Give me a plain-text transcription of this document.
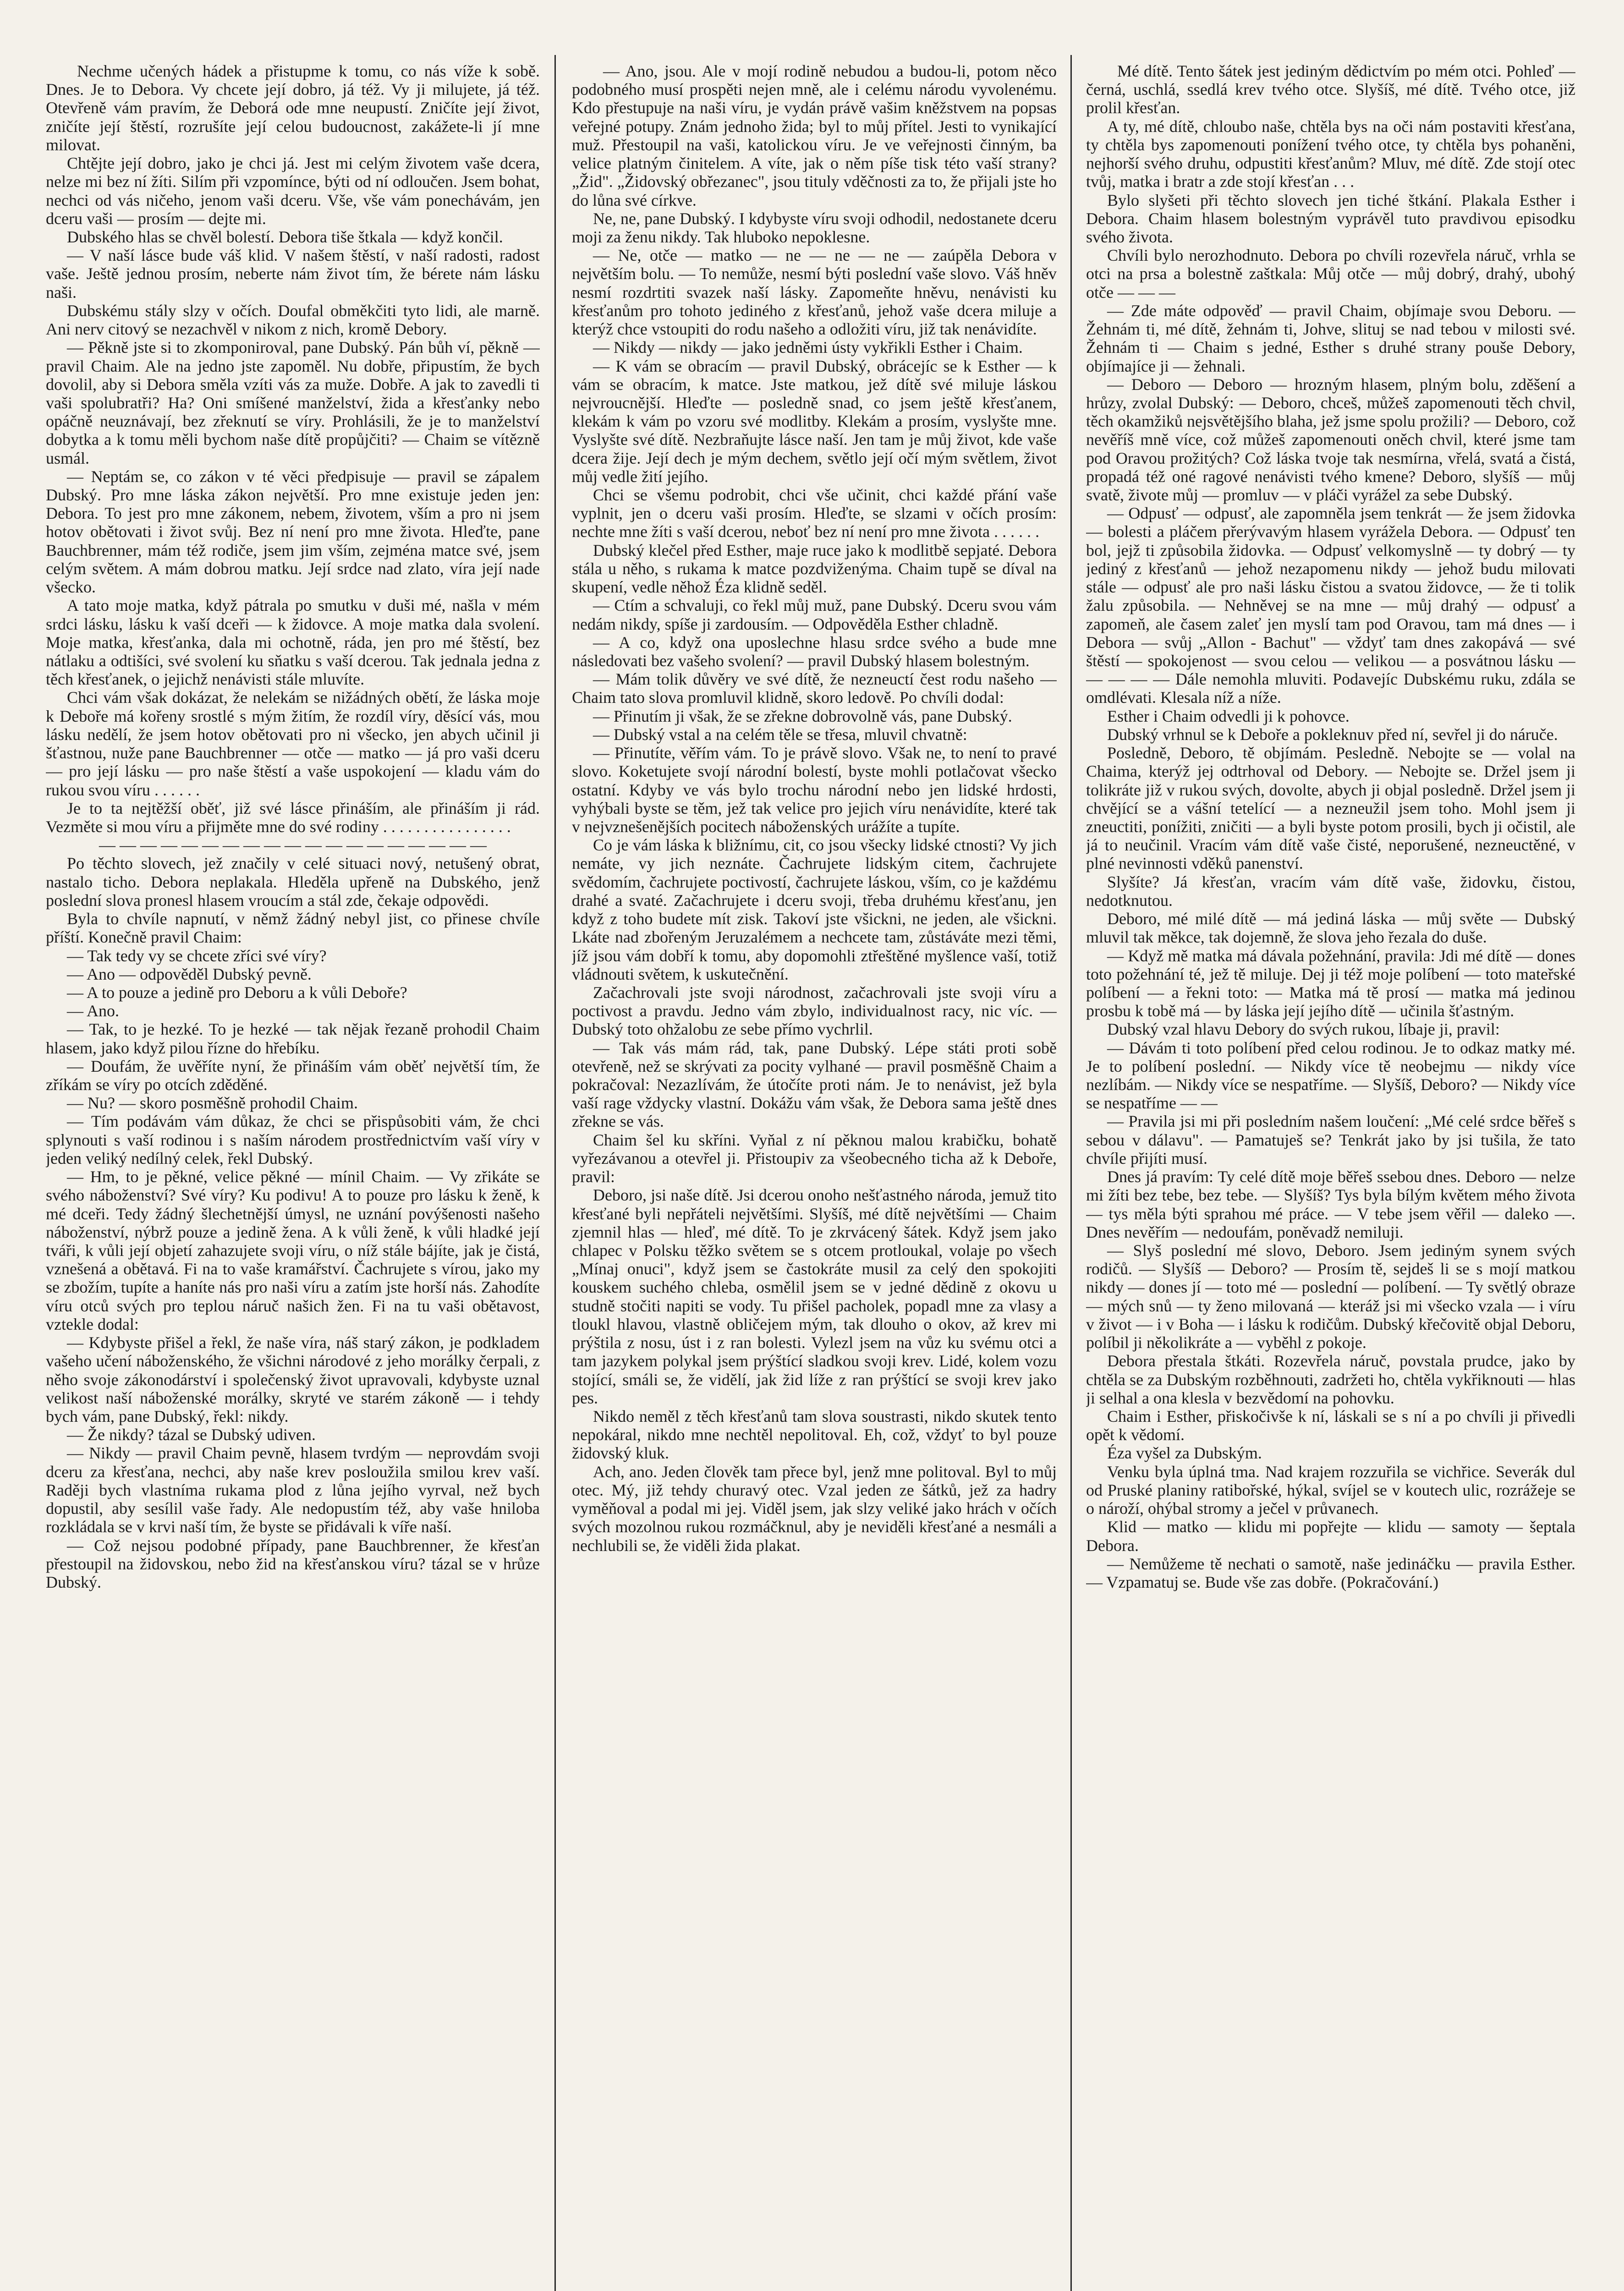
Nechme učených hádek a přistupme k tomu, co nás víže k sobě. Dnes. Je to Debora. Vy chcete její dobro, já též. Vy ji milujete, já též. Otevřeně vám pravím, že Deborá ode mne neupustí. Zničíte její život, zničíte její štěstí, rozrušíte její celou budoucnost, zakážete-li jí mne milovat.

Chtějte její dobro, jako je chci já. Jest mi celým životem vaše dcera, nelze mi bez ní žíti. Silím při vzpomínce, býti od ní odloučen. Jsem bohat, nechci od vás ničeho, jenom vaši dceru. Vše, vše vám ponechávám, jen dceru vaši — prosím — dejte mi.

Dubského hlas se chvěl bolestí. Debora tiše štkala — když končil.

— V naší lásce bude váš klid. V našem štěstí, v naší radosti, radost vaše. Ještě jednou prosím, neberte nám život tím, že bérete nám lásku naši.

Dubskému stály slzy v očích. Doufal obměkčiti tyto lidi, ale marně. Ani nerv citový se nezachvěl v nikom z nich, kromě Debory.

— Pěkně jste si to zkomponiroval, pane Dubský. Pán bůh ví, pěkně — pravil Chaim. Ale na jedno jste zapoměl. Nu dobře, připustím, že bych dovolil, aby si Debora směla vzíti vás za muže. Dobře. A jak to zavedli ti vaši spolubratři? Ha? Oni smíšené manželství, žida a křesťanky nebo opáčně neuznávají, bez zřeknutí se víry. Prohlásili, že je to manželství dobytka a k tomu měli bychom naše dítě propůjčiti? — Chaim se vítězně usmál.

— Neptám se, co zákon v té věci předpisuje — pravil se zápalem Dubský. Pro mne láska zákon největší. Pro mne existuje jeden jen: Debora. To jest pro mne zákonem, nebem, životem, vším a pro ni jsem hotov obětovati i život svůj. Bez ní není pro mne života. Hleďte, pane Bauchbrenner, mám též rodiče, jsem jim vším, zejména matce své, jsem celým světem. A mám dobrou matku. Její srdce nad zlato, víra její nade všecko.

A tato moje matka, když pátrala po smutku v duši mé, našla v mém srdci lásku, lásku k vaší dceři — k židovce. A moje matka dala svolení. Moje matka, křesťanka, dala mi ochotně, ráda, jen pro mé štěstí, bez nátlaku a odtišíci, své svolení ku sňatku s vaší dcerou. Tak jednala jedna z těch křesťanek, o jejichž nenávisti stále mluvíte.

Chci vám však dokázat, že nelekám se nižádných obětí, že láska moje k Deboře má kořeny srostlé s mým žitím, že rozdíl víry, děsící vás, mou lásku nedělí, že jsem hotov obětovati pro ni všecko, jen abych učinil ji šťastnou, nuže pane Bauchbrenner — otče — matko — já pro vaši dceru — pro její lásku — pro naše štěstí a vaše uspokojení — kladu vám do rukou svou víru . . . . . .

Je to ta nejtěžší oběť, již své lásce přináším, ale přináším ji rád. Vezměte si mou víru a přijměte mne do své rodiny . . . . . . . . . . . . . . . .

— — — — — — — — — — — — — — — — — — —

Po těchto slovech, jež značily v celé situaci nový, netušený obrat, nastalo ticho. Debora neplakala. Hleděla upřeně na Dubského, jenž poslední slova pronesl hlasem vroucím a stál zde, čekaje odpovědi.

Byla to chvíle napnutí, v němž žádný nebyl jist, co přinese chvíle příští. Konečně pravil Chaim:

— Tak tedy vy se chcete zříci své víry?

— Ano — odpověděl Dubský pevně.

— A to pouze a jedině pro Deboru a k vůli Deboře?

— Ano.

— Tak, to je hezké. To je hezké — tak nějak řezaně prohodil Chaim hlasem, jako když pilou řízne do hřebíku.

— Doufám, že uvěříte nyní, že přináším vám oběť největší tím, že zříkám se víry po otcích zděděné.

— Nu? — skoro posměšně prohodil Chaim.

— Tím podávám vám důkaz, že chci se přispůsobiti vám, že chci splynouti s vaší rodinou i s naším národem prostřednictvím vaší víry v jeden veliký nedílný celek, řekl Dubský.

— Hm, to je pěkné, velice pěkné — mínil Chaim. — Vy zřikáte se svého náboženství? Své víry? Ku podivu! A to pouze pro lásku k ženě, k mé dceři. Tedy žádný šlechetnější úmysl, ne uznání povýšenosti našeho náboženství, nýbrž pouze a jedině žena. A k vůli ženě, k vůli hladké její tváři, k vůli její objetí zahazujete svoji víru, o níž stále bájíte, jak je čistá, vznešená a obětavá. Fi na to vaše kramářství. Čachrujete s vírou, jako my se zbožím, tupíte a haníte nás pro naši víru a zatím jste horší nás. Zahodíte víru otců svých pro teplou náruč našich žen. Fi na tu vaši obětavost, vztekle dodal:

— Kdybyste přišel a řekl, že naše víra, náš starý zákon, je podkladem vašeho učení náboženského, že všichni národové z jeho morálky čerpali, z něho svoje zákonodárství i společenský život upravovali, kdybyste uznal velikost naší náboženské morálky, skryté ve starém zákoně — i tehdy bych vám, pane Dubský, řekl: nikdy.

— Že nikdy? tázal se Dubský udiven.

— Nikdy — pravil Chaim pevně, hlasem tvrdým — neprovdám svoji dceru za křesťana, nechci, aby naše krev posloužila smilou krev vaší. Raději bych vlastníma rukama plod z lůna jejího vyrval, než bych dopustil, aby sesílil vaše řady. Ale nedopustím též, aby vaše hniloba rozkládala se v krvi naší tím, že byste se přidávali k víře naší.

— Což nejsou podobné případy, pane Bauchbrenner, že křesťan přestoupil na židovskou, nebo žid na křesťanskou víru? tázal se v hrůze Dubský.

— Ano, jsou. Ale v mojí rodině nebudou a budou-li, potom něco podobného musí prospěti nejen mně, ale i celému národu vyvolenému. Kdo přestupuje na naši víru, je vydán právě vašim kněžstvem na popsas veřejné potupy. Znám jednoho žida; byl to můj přítel. Jesti to vynikající muž. Přestoupil na vaši, katolickou víru. Je ve veřejnosti činným, ba velice platným činitelem. A víte, jak o něm píše tisk této vaší strany? „Žid". „Židovský obřezanec", jsou tituly vděčnosti za to, že přijali jste ho do lůna své církve.

Ne, ne, pane Dubský. I kdybyste víru svoji odhodil, nedostanete dceru moji za ženu nikdy. Tak hluboko nepoklesne.

— Ne, otče — matko — ne — ne — ne — zaúpěla Debora v největším bolu. — To nemůže, nesmí býti poslední vaše slovo. Váš hněv nesmí rozdrtiti svazek naší lásky. Zapomeňte hněvu, nenávisti ku křesťanům pro tohoto jediného z křesťanů, jehož vaše dcera miluje a kterýž chce vstoupiti do rodu našeho a odložiti víru, již tak nenávidíte.

— Nikdy — nikdy — jako jedněmi ústy vykřikli Esther i Chaim.

— K vám se obracím — pravil Dubský, obrácejíc se k Esther — k vám se obracím, k matce. Jste matkou, jež dítě své miluje láskou nejvroucnější. Hleďte — posledně snad, co jsem ještě křesťanem, klekám k vám po vzoru své modlitby. Klekám a prosím, vyslyšte mne. Vyslyšte své dítě. Nezbraňujte lásce naší. Jen tam je můj život, kde vaše dcera žije. Její dech je mým dechem, světlo její očí mým světlem, život můj vedle žití jejího.

Chci se všemu podrobit, chci vše učinit, chci každé přání vaše vyplnit, jen o dceru vaši prosím. Hleďte, se slzami v očích prosím: nechte mne žíti s vaší dcerou, neboť bez ní není pro mne života . . . . . .

Dubský klečel před Esther, maje ruce jako k modlitbě sepjaté. Debora stála u něho, s rukama k matce pozdviženýma. Chaim tupě se díval na skupení, vedle něhož Éza klidně seděl.

— Ctím a schvaluji, co řekl můj muž, pane Dubský. Dceru svou vám nedám nikdy, spíše ji zardousím. — Odpověděla Esther chladně.

— A co, když ona uposlechne hlasu srdce svého a bude mne následovati bez vašeho svolení? — pravil Dubský hlasem bolestným.

— Mám tolik důvěry ve své dítě, že nezneuctí čest rodu našeho — Chaim tato slova promluvil klidně, skoro ledově. Po chvíli dodal:

— Přinutím ji však, že se zřekne dobrovolně vás, pane Dubský.

— Dubský vstal a na celém těle se třesa, mluvil chvatně:

— Přinutíte, věřím vám. To je právě slovo. Však ne, to není to pravé slovo. Koketujete svojí národní bolestí, byste mohli potlačovat všecko ostatní. Kdyby ve vás bylo trochu národní nebo jen lidské hrdosti, vyhýbali byste se těm, jež tak velice pro jejich víru nenávidíte, které tak v nejvznešenějších pocitech náboženských urážíte a tupíte.

Co je vám láska k bližnímu, cit, co jsou všecky lidské ctnosti? Vy jich nemáte, vy jich neznáte. Čachrujete lidským citem, čachrujete svědomím, čachrujete poctivostí, čachrujete láskou, vším, co je každému drahé a svaté. Začachrujete i dceru svoji, třeba druhému křesťanu, jen když z toho budete mít zisk. Takoví jste všickni, ne jeden, ale všickni. Lkáte nad zbořeným Jeruzalémem a nechcete tam, zůstáváte mezi těmi, jíž jsou vám dobří k tomu, aby dopomohli ztřeštěné myšlence vaší, totiž vládnouti světem, k uskutečnění.

Začachrovali jste svoji národnost, začachrovali jste svoji víru a poctivost a pravdu. Jedno vám zbylo, individualnost racy, nic víc. — Dubský toto ohžalobu ze sebe přímo vychrlil.

— Tak vás mám rád, tak, pane Dubský. Lépe státi proti sobě otevřeně, než se skrývati za pocity vylhané — pravil posměšně Chaim a pokračoval: Nezazlívám, že útočíte proti nám. Je to nenávist, jež byla vaší rage vždycky vlastní. Dokážu vám však, že Debora sama ještě dnes zřekne se vás.

Chaim šel ku skříni. Vyňal z ní pěknou malou krabičku, bohatě vyřezávanou a otevřel ji. Přistoupiv za všeobecného ticha až k Deboře, pravil:

Deboro, jsi naše dítě. Jsi dcerou onoho nešťastného národa, jemuž tito křesťané byli nepřáteli největšími. Slyšíš, mé dítě největšími — Chaim zjemnil hlas — hleď, mé dítě. To je zkrvácený šátek. Když jsem jako chlapec v Polsku těžko světem se s otcem protloukal, volaje po všech „Mínaj onuci", když jsem se častokráte musil za celý den spokojiti kouskem suchého chleba, osmělil jsem se v jedné dědině z okovu u studně stočiti napiti se vody. Tu přišel pacholek, popadl mne za vlasy a tloukl hlavou, vlastně obličejem mým, tak dlouho o okov, až krev mi prýštila z nosu, úst i z ran bolesti. Vylezl jsem na vůz ku svému otci a tam jazykem polykal jsem prýštící sladkou svoji krev. Lidé, kolem vozu stojící, smáli se, že vidělí, jak žid líže z ran prýštící se svoji krev jako pes.

Nikdo neměl z těch křesťanů tam slova soustrasti, nikdo skutek tento nepokáral, nikdo mne nechtěl nepolitoval. Eh, což, vždyť to byl pouze židovský kluk.

Ach, ano. Jeden člověk tam přece byl, jenž mne politoval. Byl to můj otec. Mý, již tehdy churavý otec. Vzal jeden ze šátků, jež za hadry vyměňoval a podal mi jej. Viděl jsem, jak slzy veliké jako hrách v očích svých mozolnou rukou rozmáčknul, aby je neviděli křesťané a nesmáli a nechlubili se, že viděli žida plakat.

Mé dítě. Tento šátek jest jediným dědictvím po mém otci. Pohleď — černá, uschlá, ssedlá krev tvého otce. Slyšíš, mé dítě. Tvého otce, již prolil křesťan.

A ty, mé dítě, chloubo naše, chtěla bys na oči nám postaviti křesťana, ty chtěla bys zapomenouti ponížení tvého otce, ty chtěla bys pohaněni, nejhorší svého druhu, odpustiti křesťanům? Mluv, mé dítě. Zde stojí otec tvůj, matka i bratr a zde stojí křesťan . . .

Bylo slyšeti při těchto slovech jen tiché štkání. Plakala Esther i Debora. Chaim hlasem bolestným vyprávěl tuto pravdivou episodku svého života.

Chvíli bylo nerozhodnuto. Debora po chvíli rozevřela náruč, vrhla se otci na prsa a bolestně zaštkala: Můj otče — můj dobrý, drahý, ubohý otče — — —

— Zde máte odpověď — pravil Chaim, objímaje svou Deboru. — Žehnám ti, mé dítě, žehnám ti, Johve, slituj se nad tebou v milosti své. Žehnám ti — Chaim s jedné, Esther s druhé strany pouše Debory, objímajíce ji — žehnali.

— Deboro — Deboro — hrozným hlasem, plným bolu, zděšení a hrůzy, zvolal Dubský: — Deboro, chceš, můžeš zapomenouti těch chvil, těch okamžiků nejsvětějšího blaha, jež jsme spolu prožili? — Deboro, což nevěříš mně více, což můžeš zapomenouti oněch chvil, které jsme tam pod Oravou prožitých? Což láska tvoje tak nesmírna, vřelá, svatá a čistá, propadá též oné ragové nenávisti tvého kmene? Deboro, slyšíš — můj svatě, živote můj — promluv — v pláči vyrážel za sebe Dubský.

— Odpusť — odpusť, ale zapomněla jsem tenkrát — že jsem židovka — bolesti a pláčem přerývavým hlasem vyrážela Debora. — Odpusť ten bol, jejž ti způsobila židovka. — Odpusť velkomyslně — ty dobrý — ty jediný z křesťanů — jehož nezapomenu nikdy — jehož budu milovati stále — odpusť ale pro naši lásku čistou a svatou židovce, — že ti tolik žalu způsobila. — Nehněvej se na mne — můj drahý — odpusť a zapomeň, ale časem zaleť jen myslí tam pod Oravou, tam má dnes — i Debora — svůj „Allon - Bachut" — vždyť tam dnes zakopává — své štěstí — spokojenost — svou celou — velikou — a posvátnou lásku — — — — — Dále nemohla mluviti. Podavejíc Dubskému ruku, zdála se omdlévati. Klesala níž a níže.

Esther i Chaim odvedli ji k pohovce.

Dubský vrhnul se k Deboře a pokleknuv před ní, sevřel ji do náruče.

Posledně, Deboro, tě objímám. Pesledně. Nebojte se — volal na Chaima, kterýž jej odtrhoval od Debory. — Nebojte se. Držel jsem ji tolikráte již v rukou svých, dovolte, abych ji objal posledně. Držel jsem ji chvějící se a vášní tetelící — a nezneužil jsem toho. Mohl jsem ji zneuctiti, ponížiti, zničiti — a byli byste potom prosili, bych ji očistil, ale já to neučinil. Vracím vám dítě vaše čisté, neporušené, nezneuctěné, v plné nevinnosti vděků panenství.

Slyšíte? Já křesťan, vracím vám dítě vaše, židovku, čistou, nedotknutou.

Deboro, mé milé dítě — má jediná láska — můj světe — Dubský mluvil tak měkce, tak dojemně, že slova jeho řezala do duše.

— Když mě matka má dávala požehnání, pravila: Jdi mé dítě — dones toto požehnání té, jež tě miluje. Dej ji též moje políbení — toto mateřské políbení — a řekni toto: — Matka má tě prosí — matka má jedinou prosbu k tobě má — by láska její jejího dítě — učinila šťastným.

Dubský vzal hlavu Debory do svých rukou, líbaje ji, pravil:

— Dávám ti toto políbení před celou rodinou. Je to odkaz matky mé. Je to políbení poslední. — Nikdy více tě neobejmu — nikdy více nezlíbám. — Nikdy více se nespatříme. — Slyšíš, Deboro? — Nikdy více se nespatříme — —

— Pravila jsi mi při posledním našem loučení: „Mé celé srdce běřeš s sebou v dálavu". — Pamatuješ se? Tenkrát jako by jsi tušila, že tato chvíle přijíti musí.

Dnes já pravím: Ty celé dítě moje běřeš ssebou dnes. Deboro — nelze mi žíti bez tebe, bez tebe. — Slyšíš? Tys byla bílým květem mého života — tys měla býti sprahou mé práce. — V tebe jsem věřil — daleko —. Dnes nevěřím — nedoufám, poněvadž nemiluji.

— Slyš poslední mé slovo, Deboro. Jsem jediným synem svých rodičů. — Slyšíš — Deboro? — Prosím tě, sejdeš li se s mojí matkou nikdy — dones jí — toto mé — poslední — políbení. — Ty světlý obraze — mých snů — ty ženo milovaná — kteráž jsi mi všecko vzala — i víru v život — i v Boha — i lásku k rodičům. Dubský křečovitě objal Deboru, políbil ji několikráte a — vyběhl z pokoje.

Debora přestala štkáti. Rozevřela náruč, povstala prudce, jako by chtěla se za Dubským rozběhnouti, zadržeti ho, chtěla vykřiknouti — hlas ji selhal a ona klesla v bezvědomí na pohovku.

Chaim i Esther, přiskočivše k ní, láskali se s ní a po chvíli ji přivedli opět k vědomí.

Éza vyšel za Dubským.

Venku byla úplná tma. Nad krajem rozzuřila se vichřice. Severák dul od Pruské planiny ratibořské, hýkal, svíjel se v koutech ulic, rozrážeje se o nároží, ohýbal stromy a ječel v průvanech.

Klid — matko — klidu mi popřejte — klidu — samoty — šeptala Debora.

— Nemůžeme tě nechati o samotě, naše jedináčku — pravila Esther. — Vzpamatuj se. Bude vše zas dobře. (Pokračování.)
